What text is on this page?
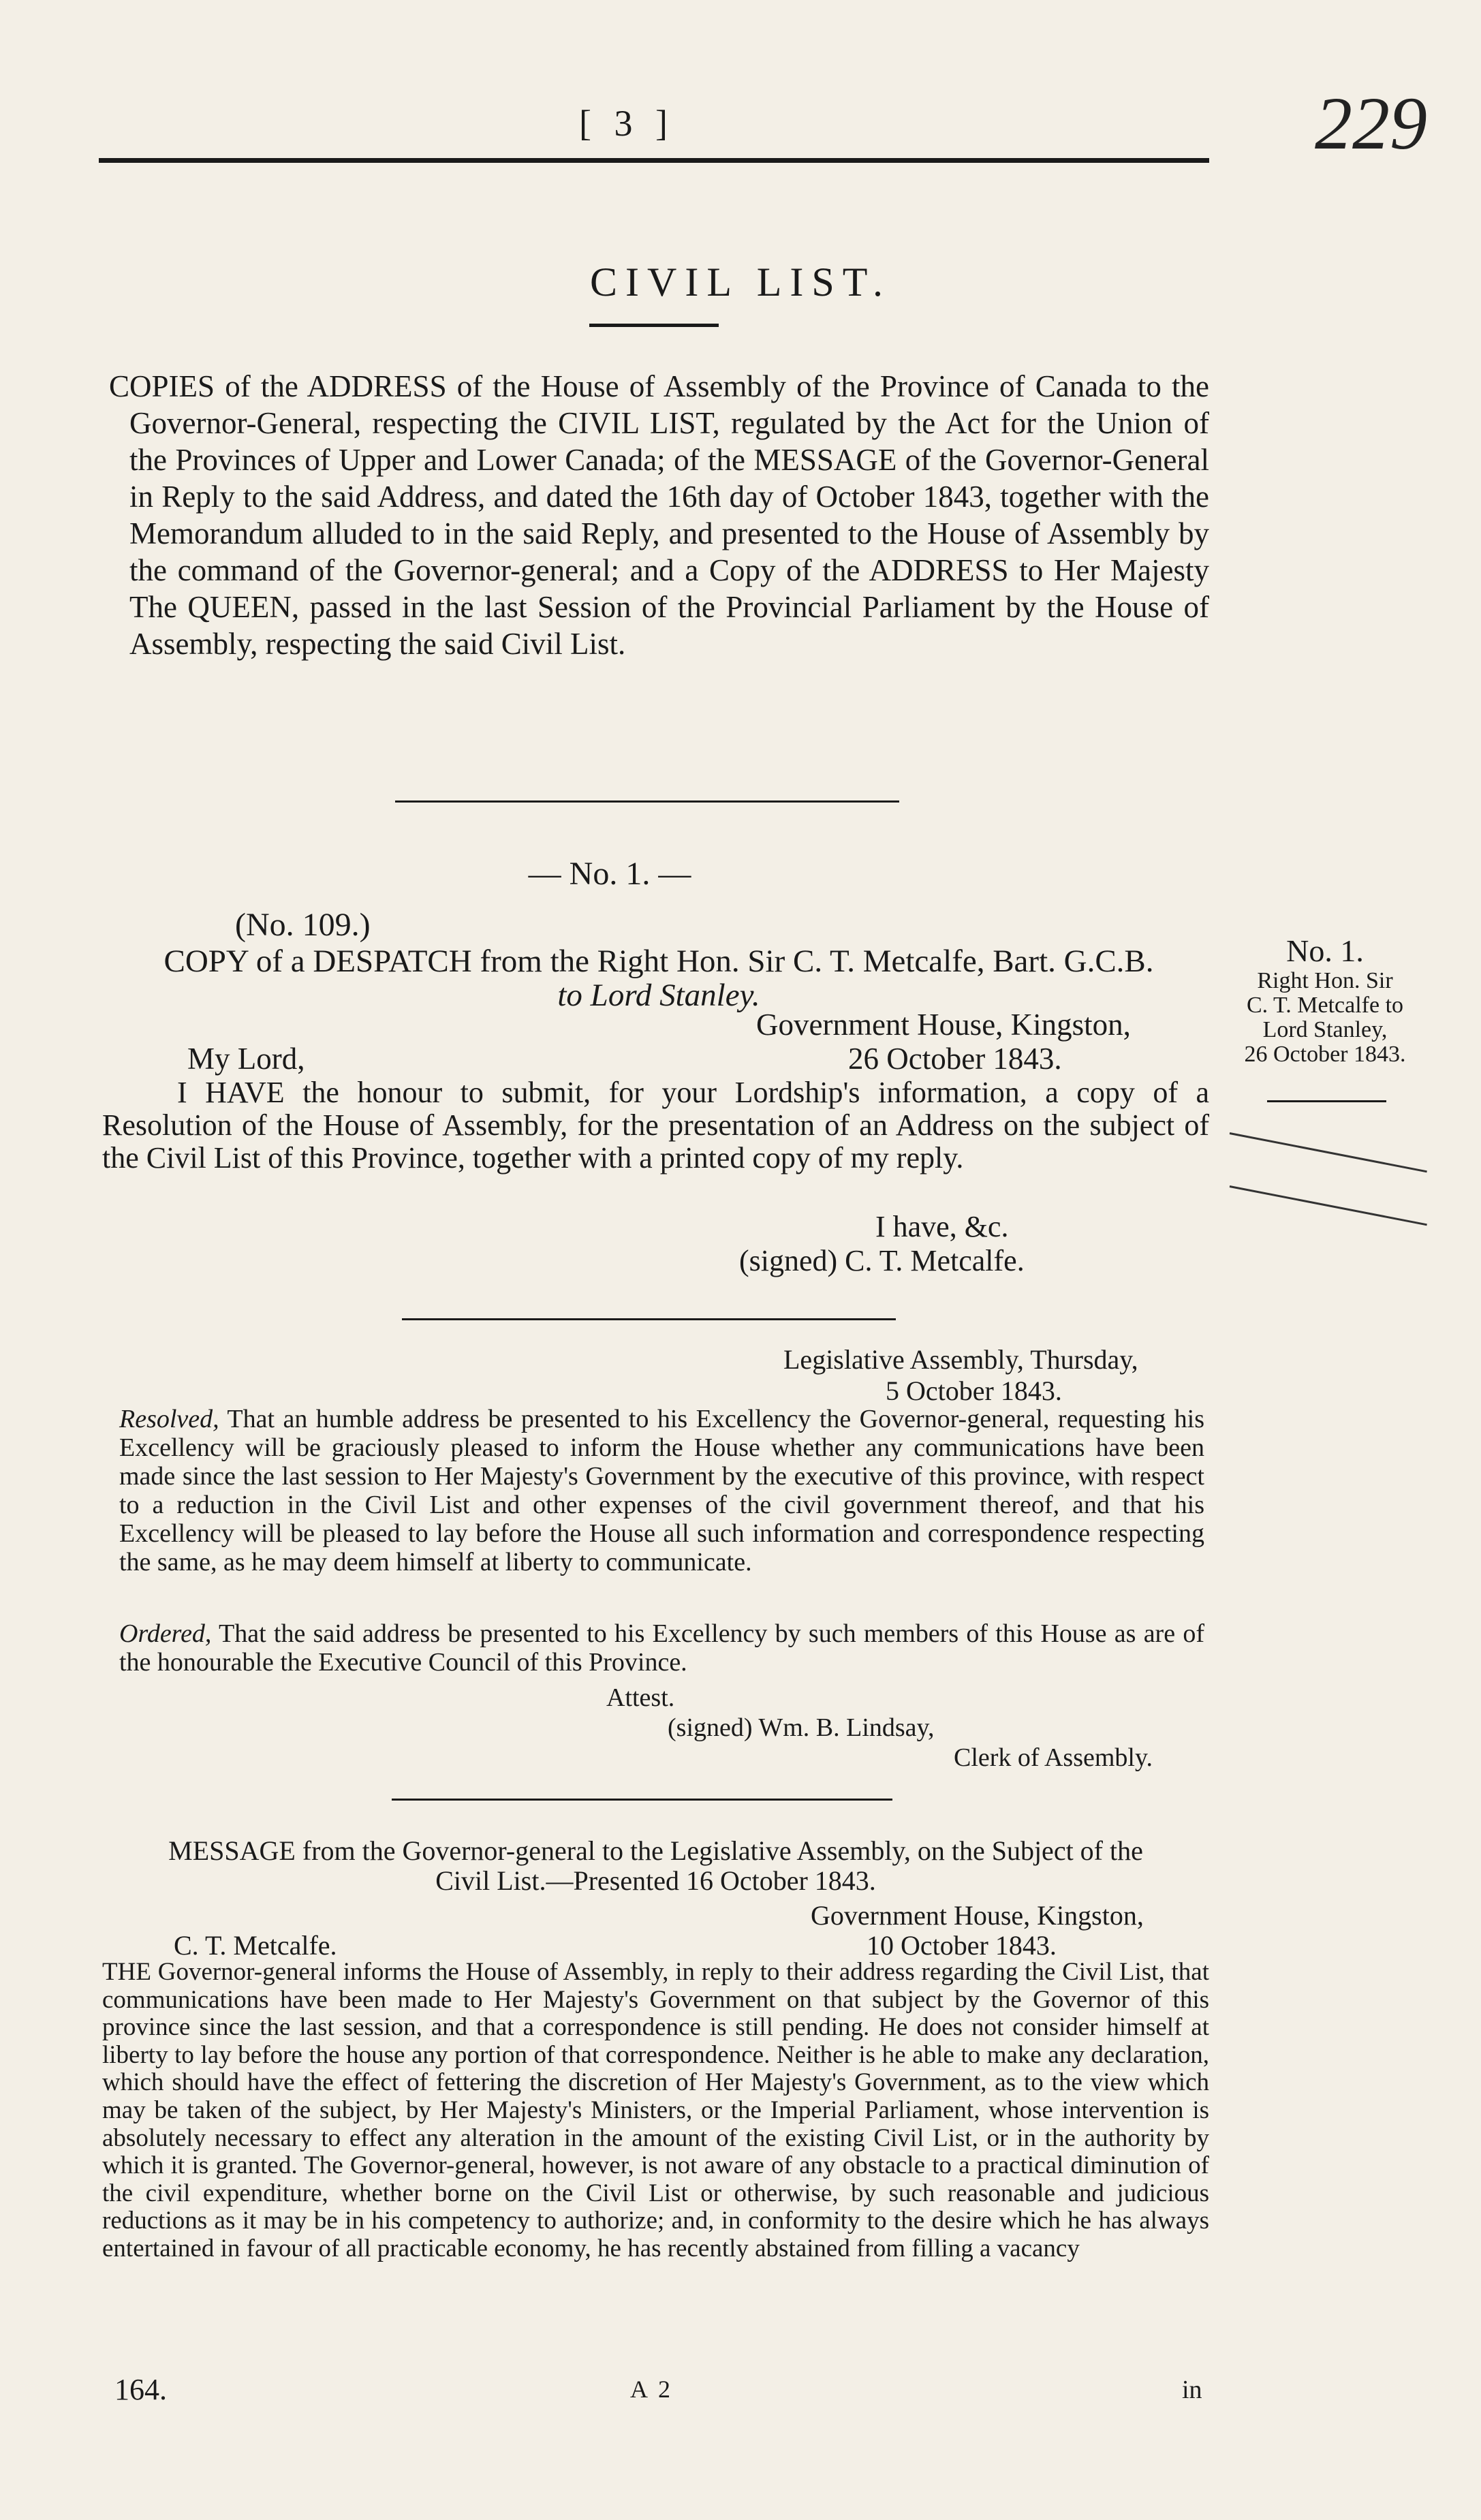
[ 3 ]	229
CIVIL LIST.
COPIES of the ADDRESS of the House of Assembly of the Province of Canada to the Governor-General, respecting the CIVIL LIST, regulated by the Act for the Union of the Provinces of Upper and Lower Canada; of the MESSAGE of the Governor-General in Reply to the said Address, and dated the 16th day of October 1843, together with the Memorandum alluded to in the said Reply, and presented to the House of Assembly by the command of the Governor-general; and a Copy of the ADDRESS to Her Majesty The QUEEN, passed in the last Session of the Provincial Parliament by the House of Assembly, respecting the said Civil List.
— No. 1. —
(No. 109.)
COPY of a DESPATCH from the Right Hon. Sir C. T. Metcalfe, Bart. G.C.B.
to Lord Stanley.
No. 1.
Right Hon. Sir
C. T. Metcalfe to
Lord Stanley,
26 October 1843.
Government House, Kingston,
My Lord,	26 October 1843.
I HAVE the honour to submit, for your Lordship's information, a copy of a Resolution of the House of Assembly, for the presentation of an Address on the subject of the Civil List of this Province, together with a printed copy of my reply.
I have, &c.
(signed) C. T. Metcalfe.
Legislative Assembly, Thursday,
5 October 1843.
Resolved, That an humble address be presented to his Excellency the Governor-general, requesting his Excellency will be graciously pleased to inform the House whether any communications have been made since the last session to Her Majesty's Government by the executive of this province, with respect to a reduction in the Civil List and other expenses of the civil government thereof, and that his Excellency will be pleased to lay before the House all such information and correspondence respecting the same, as he may deem himself at liberty to communicate.
Ordered, That the said address be presented to his Excellency by such members of this House as are of the honourable the Executive Council of this Province.
Attest.
(signed) Wm. B. Lindsay,
Clerk of Assembly.
MESSAGE from the Governor-general to the Legislative Assembly, on the Subject of the
Civil List.—Presented 16 October 1843.
Government House, Kingston,
C. T. Metcalfe.	10 October 1843.
THE Governor-general informs the House of Assembly, in reply to their address regarding the Civil List, that communications have been made to Her Majesty's Government on that subject by the Governor of this province since the last session, and that a correspondence is still pending. He does not consider himself at liberty to lay before the house any portion of that correspondence. Neither is he able to make any declaration, which should have the effect of fettering the discretion of Her Majesty's Government, as to the view which may be taken of the subject, by Her Majesty's Ministers, or the Imperial Parliament, whose intervention is absolutely necessary to effect any alteration in the amount of the existing Civil List, or in the authority by which it is granted. The Governor-general, however, is not aware of any obstacle to a practical diminution of the civil expenditure, whether borne on the Civil List or otherwise, by such reasonable and judicious reductions as it may be in his competency to authorize; and, in conformity to the desire which he has always entertained in favour of all practicable economy, he has recently abstained from filling a vacancy
164.	A 2	in
